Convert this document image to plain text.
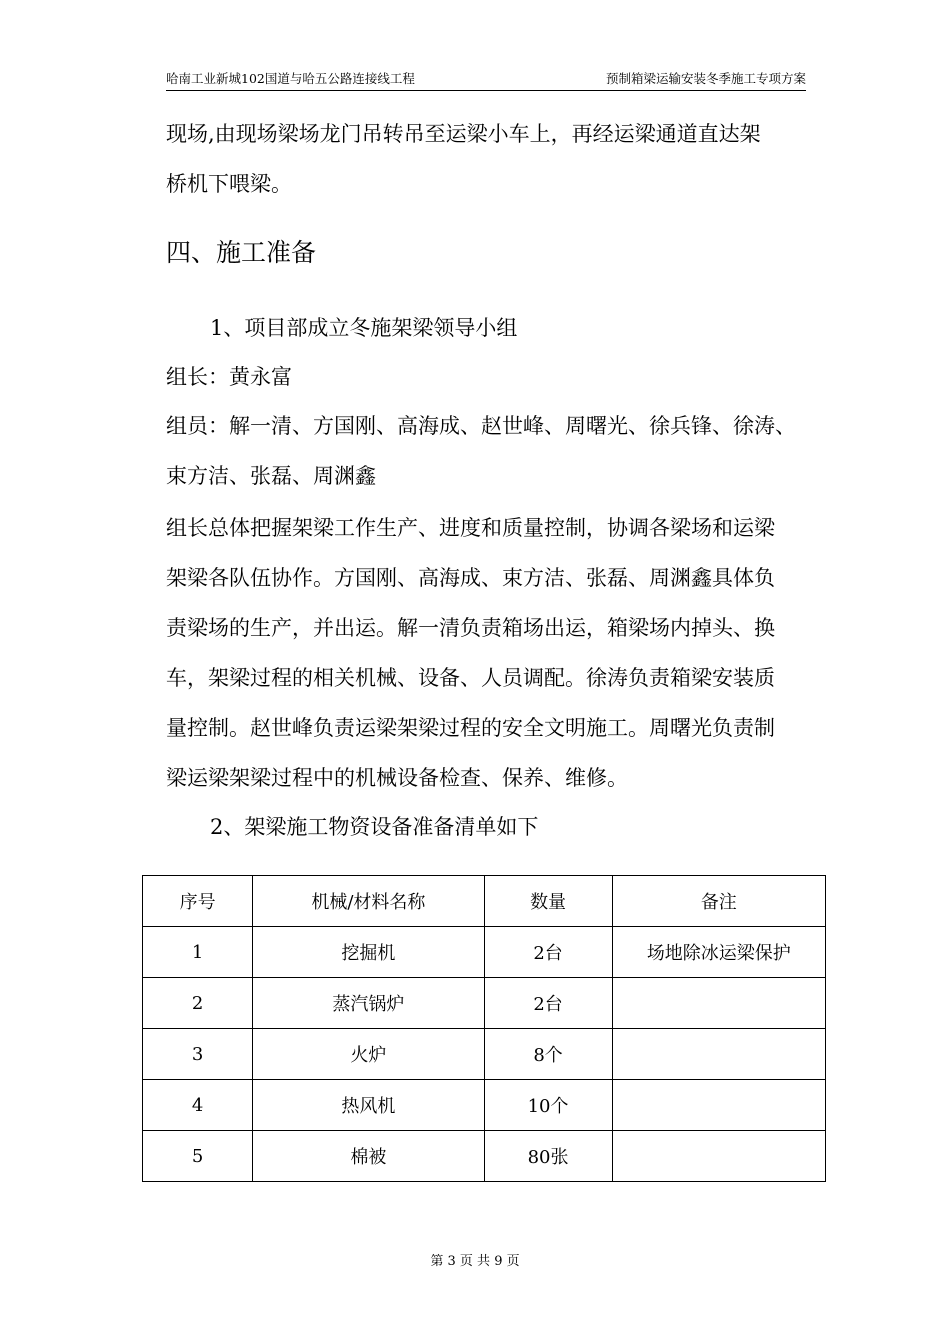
哈南工业新城102国道与哈五公路连接线工程	预制箱梁运输安装冬季施工专项方案
现场,由现场梁场龙门吊转吊至运梁小车上，再经运梁通道直达架
桥机下喂梁。
四、施工准备
1、项目部成立冬施架梁领导小组
组长：黄永富
组员：解一清、方国刚、高海成、赵世峰、周曙光、徐兵锋、徐涛、
束方洁、张磊、周渊鑫
组长总体把握架梁工作生产、进度和质量控制，协调各梁场和运梁
架梁各队伍协作。方国刚、高海成、束方洁、张磊、周渊鑫具体负
责梁场的生产，并出运。解一清负责箱场出运，箱梁场内掉头、换
车，架梁过程的相关机械、设备、人员调配。徐涛负责箱梁安装质
量控制。赵世峰负责运梁架梁过程的安全文明施工。周曙光负责制
梁运梁架梁过程中的机械设备检查、保养、维修。
2、架梁施工物资设备准备清单如下
序号	机械/材料名称	数量	备注
1	挖掘机	2台	场地除冰运梁保护
2	蒸汽锅炉	2台	
3	火炉	8个	
4	热风机	10个	
5	棉被	80张	
第 3 页 共 9 页
